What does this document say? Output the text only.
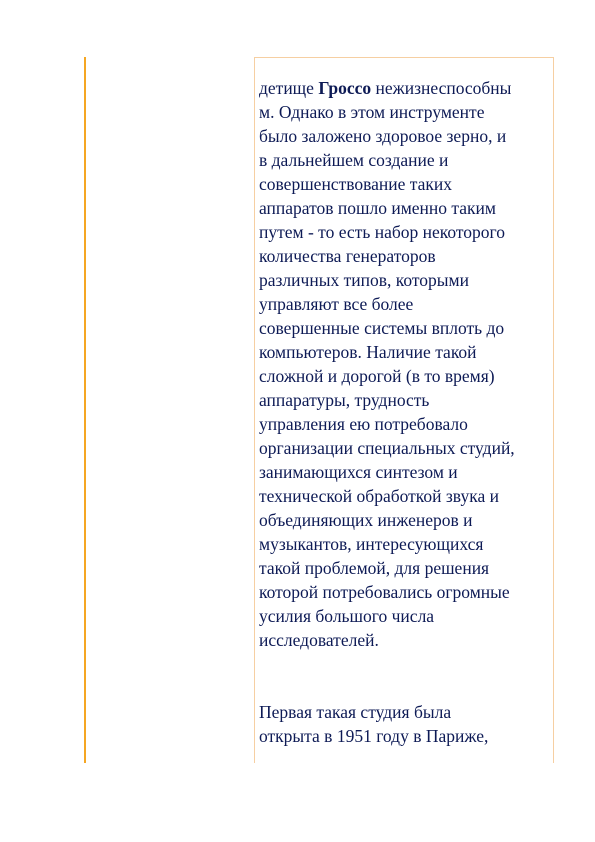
детище Гроссо нежизнеспособны
м. Однако в этом инструменте
было заложено здоровое зерно, и
в дальнейшем создание и
совершенствование таких
аппаратов пошло именно таким
путем - то есть набор некоторого
количества генераторов
различных типов, которыми
управляют все более
совершенные системы вплоть до
компьютеров. Наличие такой
сложной и дорогой (в то время)
аппаратуры, трудность
управления ею потребовало
организации специальных студий,
занимающихся синтезом и
технической обработкой звука и
объединяющих инженеров и
музыкантов, интересующихся
такой проблемой, для решения
которой потребовались огромные
усилия большого числа
исследователей.
Первая такая студия была
открыта в 1951 году в Париже,
